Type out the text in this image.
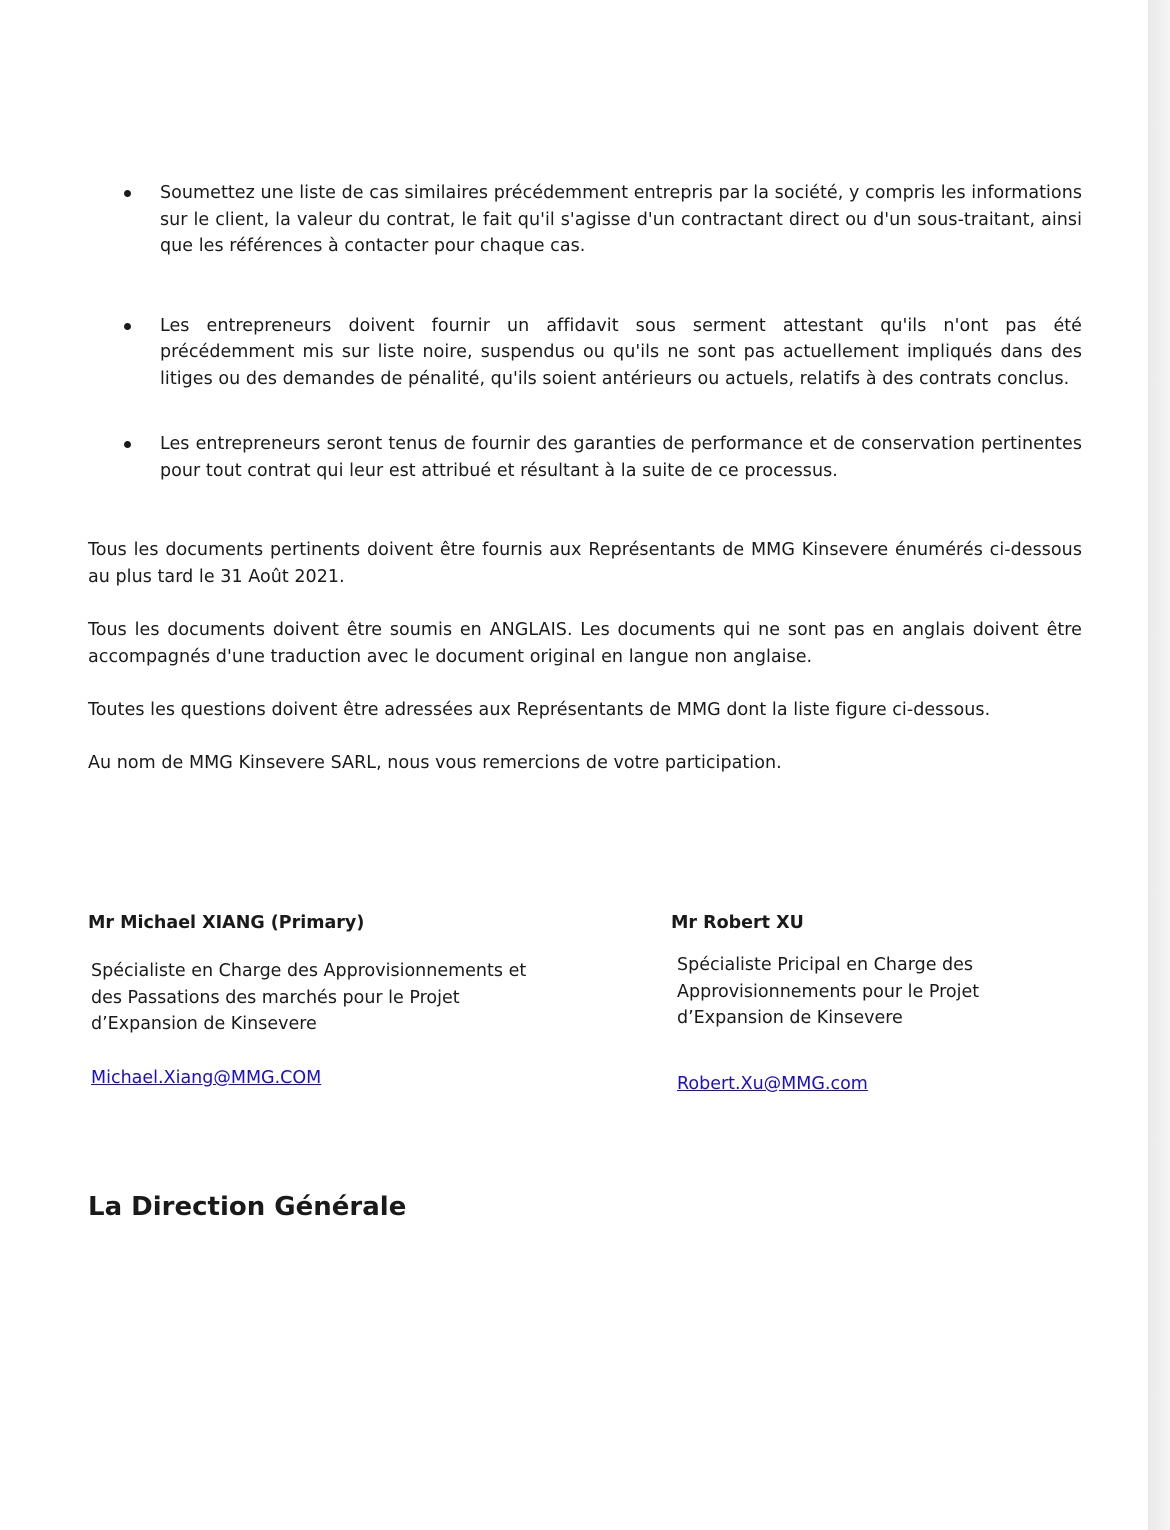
Soumettez une liste de cas similaires précédemment entrepris par la société, y compris les informations sur le client, la valeur du contrat, le fait qu'il s'agisse d'un contractant direct ou d'un sous-traitant, ainsi que les références à contacter pour chaque cas.
Les entrepreneurs doivent fournir un affidavit sous serment attestant qu'ils n'ont pas été précédemment mis sur liste noire, suspendus ou qu'ils ne sont pas actuellement impliqués dans des litiges ou des demandes de pénalité, qu'ils soient antérieurs ou actuels, relatifs à des contrats conclus.
Les entrepreneurs seront tenus de fournir des garanties de performance et de conservation pertinentes pour tout contrat qui leur est attribué et résultant à la suite de ce processus.

Tous les documents pertinents doivent être fournis aux Représentants de MMG Kinsevere énumérés ci-dessous au plus tard le 31 Août 2021.

Tous les documents doivent être soumis en ANGLAIS. Les documents qui ne sont pas en anglais doivent être accompagnés d'une traduction avec le document original en langue non anglaise.

Toutes les questions doivent être adressées aux Représentants de MMG dont la liste figure ci-dessous.

Au nom de MMG Kinsevere SARL, nous vous remercions de votre participation.

Mr Michael XIANG (Primary)

Spécialiste en Charge des Approvisionnements et des Passations des marchés pour le Projet d’Expansion de Kinsevere

Michael.Xiang@MMG.COM

Mr Robert XU

Spécialiste Pricipal en Charge des Approvisionnements pour le Projet d’Expansion de Kinsevere

Robert.Xu@MMG.com

La Direction Générale
